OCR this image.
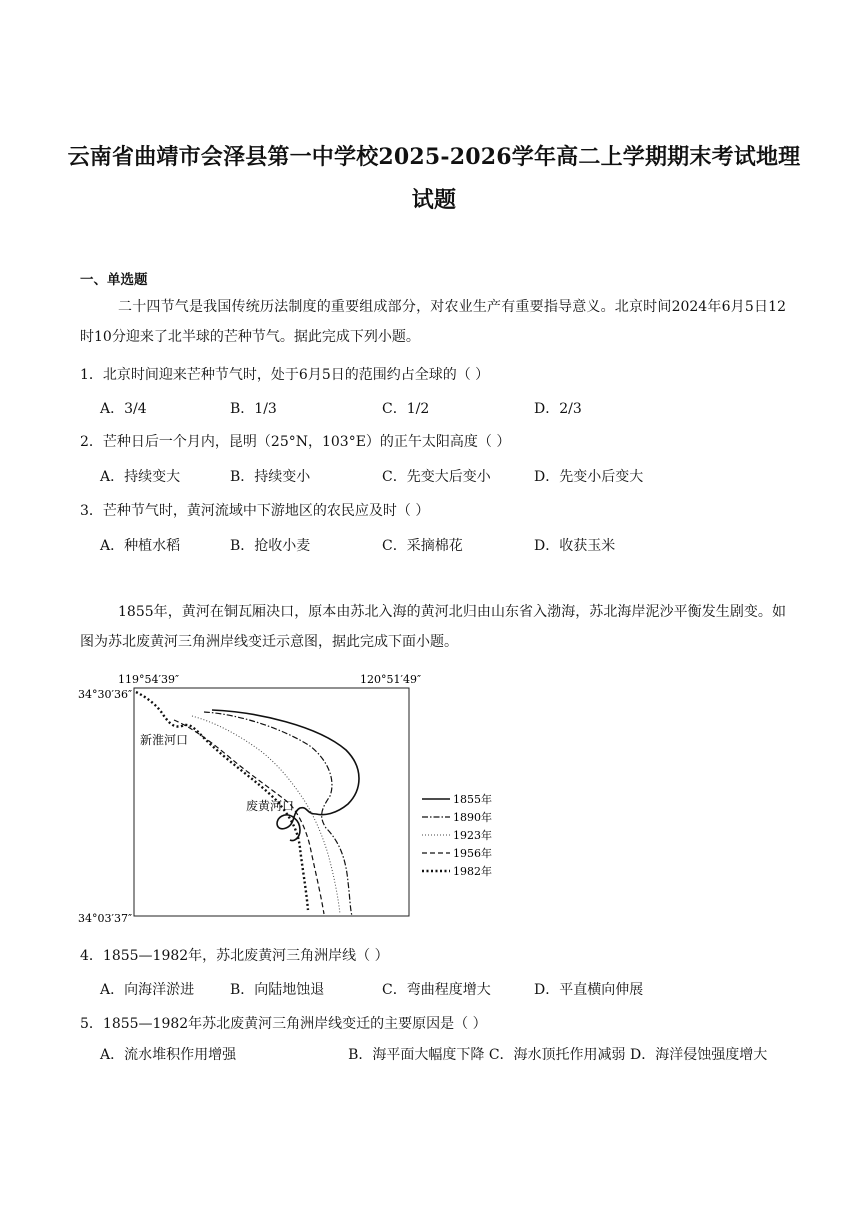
云南省曲靖市会泽县第一中学校2025-2026学年高二上学期期末考试地理
试题
一、单选题
二十四节气是我国传统历法制度的重要组成部分，对农业生产有重要指导意义。北京时间2024年6月5日12时10分迎来了北半球的芒种节气。据此完成下列小题。
1．北京时间迎来芒种节气时，处于6月5日的范围约占全球的（ ）
A．3/4	B．1/3	C．1/2	D．2/3
2．芒种日后一个月内，昆明（25°N，103°E）的正午太阳高度（ ）
A．持续变大	B．持续变小	C．先变大后变小	D．先变小后变大
3．芒种节气时，黄河流域中下游地区的农民应及时（ ）
A．种植水稻	B．抢收小麦	C．采摘棉花	D．收获玉米
1855年，黄河在铜瓦厢决口，原本由苏北入海的黄河北归由山东省入渤海，苏北海岸泥沙平衡发生剧变。如图为苏北废黄河三角洲岸线变迁示意图，据此完成下面小题。
119°54′39″	120°51′49″
34°30′36″
34°03′37″
新淮河口
废黄河口	1855年
1890年
1923年
1956年
1982年
4．1855—1982年，苏北废黄河三角洲岸线（ ）
A．向海洋淤进	B．向陆地蚀退	C．弯曲程度增大	D．平直横向伸展
5．1855—1982年苏北废黄河三角洲岸线变迁的主要原因是（ ）
A．流水堆积作用增强　　　　　　　　B．海平面大幅度下降 C．海水顶托作用减弱 D．海洋侵蚀强度增大
